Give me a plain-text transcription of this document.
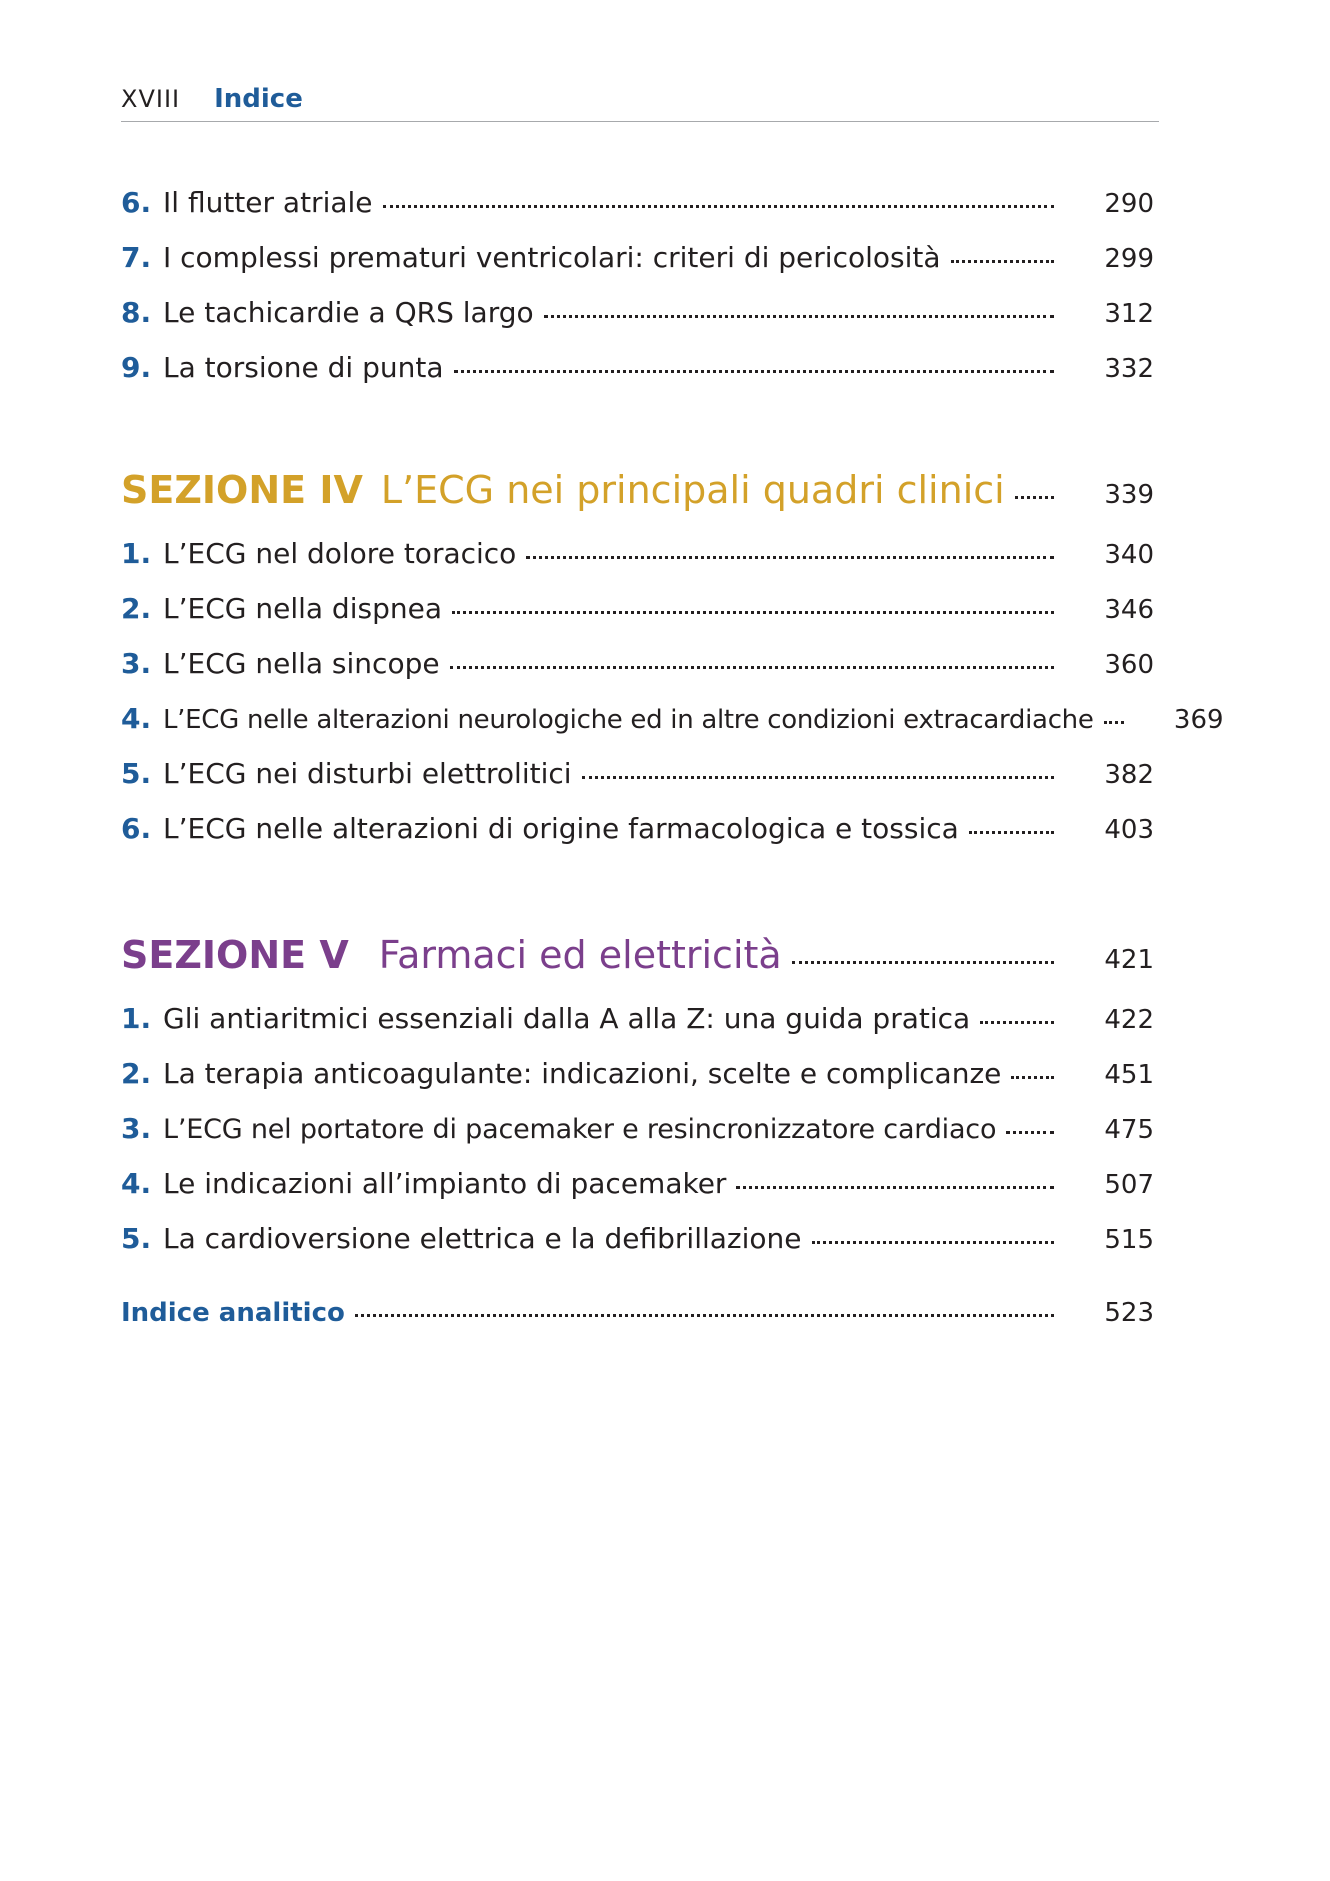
XVIII Indice
6. Il flutter atriale	290
7. I complessi prematuri ventricolari: criteri di pericolosità	299
8. Le tachicardie a QRS largo	312
9. La torsione di punta	332
SEZIONE IV L’ECG nei principali quadri clinici	339
1. L’ECG nel dolore toracico	340
2. L’ECG nella dispnea	346
3. L’ECG nella sincope	360
4. L’ECG nelle alterazioni neurologiche ed in altre condizioni extracardiache	369
5. L’ECG nei disturbi elettrolitici	382
6. L’ECG nelle alterazioni di origine farmacologica e tossica	403
SEZIONE V Farmaci ed elettricità	421
1. Gli antiaritmici essenziali dalla A alla Z: una guida pratica	422
2. La terapia anticoagulante: indicazioni, scelte e complicanze	451
3. L’ECG nel portatore di pacemaker e resincronizzatore cardiaco	475
4. Le indicazioni all’impianto di pacemaker	507
5. La cardioversione elettrica e la defibrillazione	515
Indice analitico	523
